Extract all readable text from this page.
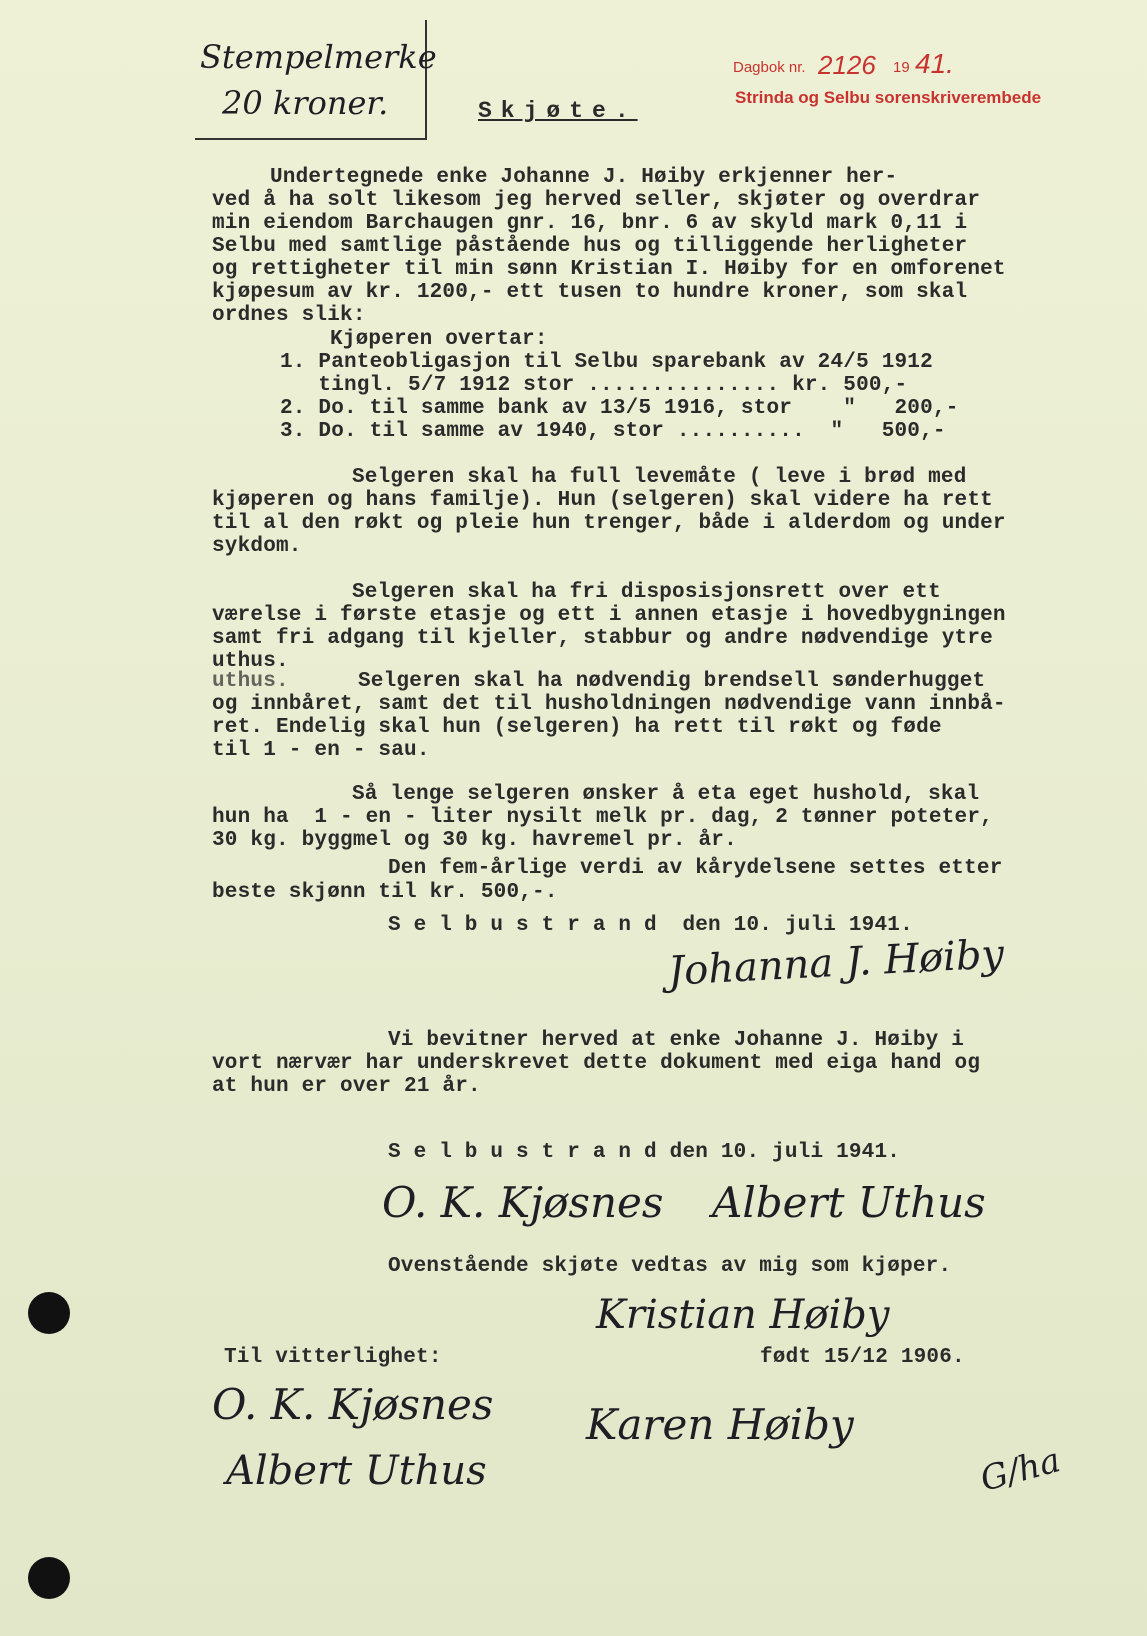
Stempelmerke
20 kroner.
Dagbok nr. 2126 19 41.
Strinda og Selbu sorenskriverembede
Skjøte.
Undertegnede enke Johanne J. Høiby erkjenner her-
ved å ha solt likesom jeg herved seller, skjøter og overdrar
min eiendom Barchaugen gnr. 16, bnr. 6 av skyld mark 0,11 i
Selbu med samtlige påstående hus og tilliggende herligheter
og rettigheter til min sønn Kristian I. Høiby for en omforenet
kjøpesum av kr. 1200,- ett tusen to hundre kroner, som skal
ordnes slik:
Kjøperen overtar:
1. Panteobligasjon til Selbu sparebank av 24/5 1912
tingl. 5/7 1912 stor ............... kr. 500,-
2. Do. til samme bank av 13/5 1916, stor    "   200,-
3. Do. til samme av 1940, stor ..........  "   500,-
Selgeren skal ha full levemåte ( leve i brød med
kjøperen og hans familje). Hun (selgeren) skal videre ha rett
til al den røkt og pleie hun trenger, både i alderdom og under
sykdom.
Selgeren skal ha fri disposisjonsrett over ett
værelse i første etasje og ett i annen etasje i hovedbygningen
samt fri adgang til kjeller, stabbur og andre nødvendige ytre
uthus.
uthus.	Selgeren skal ha nødvendig brendsell sønderhugget
og innbåret, samt det til husholdningen nødvendige vann innbå-
ret. Endelig skal hun (selgeren) ha rett til røkt og føde
til 1 - en - sau.
Så lenge selgeren ønsker å eta eget hushold, skal
hun ha  1 - en - liter nysilt melk pr. dag, 2 tønner poteter,
30 kg. byggmel og 30 kg. havremel pr. år.
Den fem-årlige verdi av kårydelsene settes etter
beste skjønn til kr. 500,-.
S e l b u s t r a n d  den 10. juli 1941.
Johanna J. Høiby
Vi bevitner herved at enke Johanne J. Høiby i
vort nærvær har underskrevet dette dokument med eiga hand og
at hun er over 21 år.
S e l b u s t r a n d den 10. juli 1941.
O. K. Kjøsnes Albert Uthus
Ovenstående skjøte vedtas av mig som kjøper.
Kristian Høiby
Til vitterlighet:	født 15/12 1906.
O. K. Kjøsnes
Albert Uthus
Karen Høiby
G/ha
